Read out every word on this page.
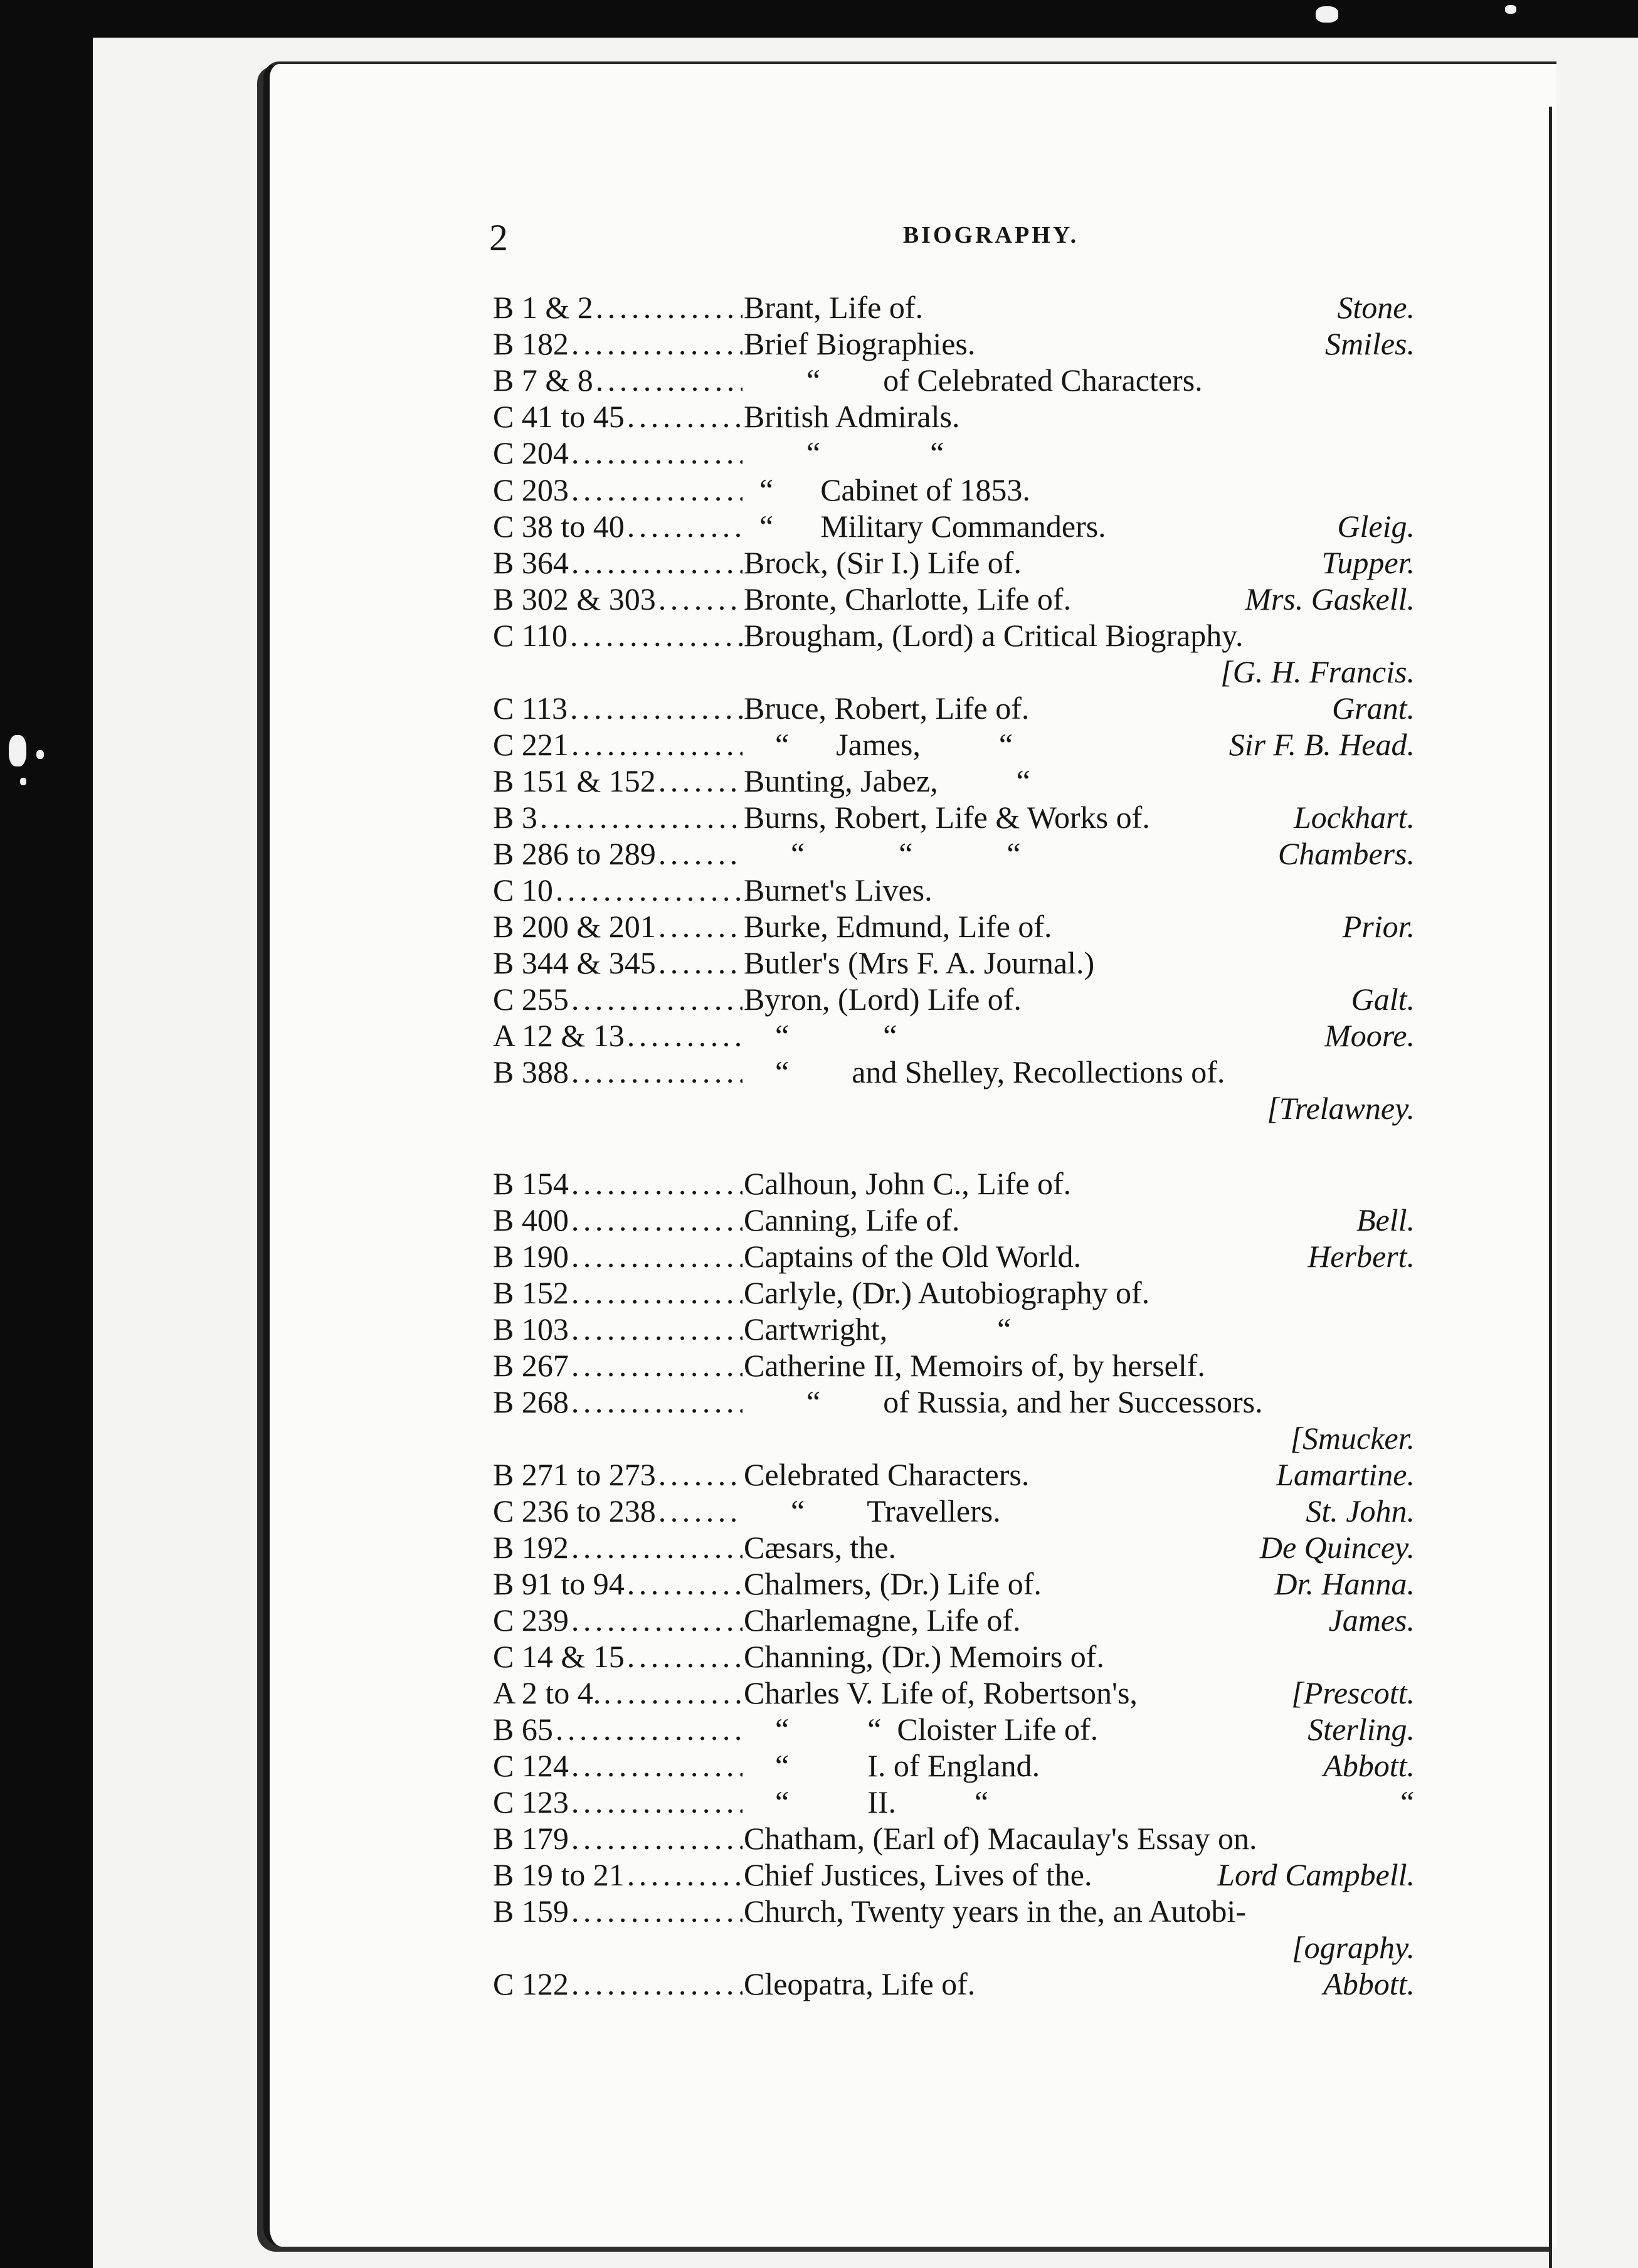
2	BIOGRAPHY.
B 1 & 2 . . .	Brant, Life of.	Stone.
B 182 . . .	Brief Biographies.	Smiles.
B 7 & 8 . . .	“        of Celebrated Characters.
C 41 to 45 . . .	British Admirals.
C 204 . . .	“              “
C 203 . . .	“      Cabinet of 1853.
C 38 to 40 . . .	“      Military Commanders.	Gleig.
B 364 . . .	Brock, (Sir I.) Life of.	Tupper.
B 302 & 303 . . .	Bronte, Charlotte, Life of.	Mrs. Gaskell.
C 110 . . .	Brougham, (Lord) a Critical Biography.
[G. H. Francis.
C 113 . . .	Bruce, Robert, Life of.	Grant.
C 221 . . .	“      James,          “	Sir F. B. Head.
B 151 & 152 . . .	Bunting, Jabez,          “
B 3 . . .	Burns, Robert, Life & Works of.	Lockhart.
B 286 to 289 . . .	“            “            “	Chambers.
C 10 . . .	Burnet's Lives.
B 200 & 201 . . .	Burke, Edmund, Life of.	Prior.
B 344 & 345 . . .	Butler's (Mrs F. A. Journal.)
C 255 . . .	Byron, (Lord) Life of.	Galt.
A 12 & 13 . . .	“            “	Moore.
B 388 . . .	“        and Shelley, Recollections of.
[Trelawney.
B 154 . . .	Calhoun, John C., Life of.
B 400 . . .	Canning, Life of.	Bell.
B 190 . . .	Captains of the Old World.	Herbert.
B 152 . . .	Carlyle, (Dr.) Autobiography of.
B 103 . . .	Cartwright,              “
B 267 . . .	Catherine II, Memoirs of, by herself.
B 268 . . .	“        of Russia, and her Successors.
[Smucker.
B 271 to 273 . . .	Celebrated Characters.	Lamartine.
C 236 to 238 . . .	“        Travellers.	St. John.
B 192 . . .	Cæsars, the.	De Quincey.
B 91 to 94 . . .	Chalmers, (Dr.) Life of.	Dr. Hanna.
C 239 . . .	Charlemagne, Life of.	James.
C 14 & 15 . . .	Channing, (Dr.) Memoirs of.
A 2 to 4. . . .	Charles V. Life of, Robertson's,	[Prescott.
B 65 . . .	“          “  Cloister Life of.	Sterling.
C 124 . . .	“          I. of England.	Abbott.
C 123 . . .	“          II.          “	“
B 179 . . .	Chatham, (Earl of) Macaulay's Essay on.
B 19 to 21 . . .	Chief Justices, Lives of the.	Lord Campbell.
B 159 . . .	Church, Twenty years in the, an Autobi-
[ography.
C 122 . . .	Cleopatra, Life of.	Abbott.
